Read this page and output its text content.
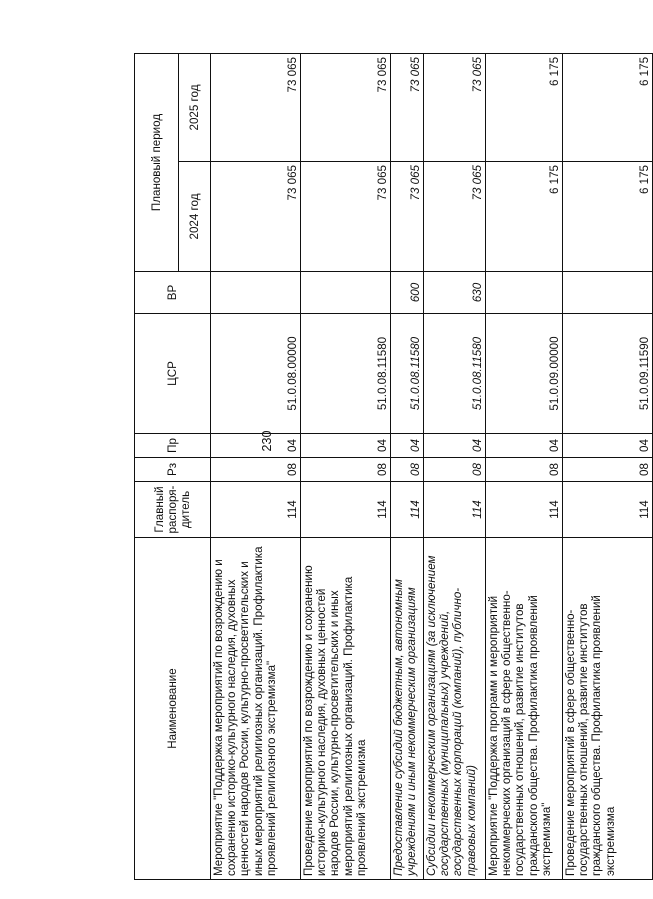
230
Наименование	Главный распоря-дитель	Рз	Пр	ЦСР	ВР	Плановый период	
						2024 год	2025 год
Мероприятие "Поддержка мероприятий по возрождению и сохранению историко-культурного наследия, духовных ценностей народов России, культурно-просветительских и иных мероприятий религиозных организаций. Профилактика проявлений религиозного экстремизма"	114	08	04	51.0.08.00000		73 065	73 065
Проведение мероприятий по возрождению и сохранению историко-культурного наследия, духовных ценностей народов России, культурно-просветительских и иных мероприятий религиозных организаций. Профилактика проявлений экстремизма	114	08	04	51.0.08.11580		73 065	73 065
Предоставление субсидий бюджетным, автономным учреждениям и иным некоммерческим организациям	114	08	04	51.0.08.11580	600	73 065	73 065
Субсидии некоммерческим организациям (за исключением государственных (муниципальных) учреждений, государственных корпораций (компаний), публично-правовых компаний)	114	08	04	51.0.08.11580	630	73 065	73 065
Мероприятие "Поддержка программ и мероприятий некоммерческих организаций в сфере общественно-государственных отношений, развитие институтов гражданского общества. Профилактика проявлений экстремизма"	114	08	04	51.0.09.00000		6 175	6 175
Проведение мероприятий в сфере общественно-государственных отношений, развитие институтов гражданского общества. Профилактика проявлений экстремизма	114	08	04	51.0.09.11590		6 175	6 175
